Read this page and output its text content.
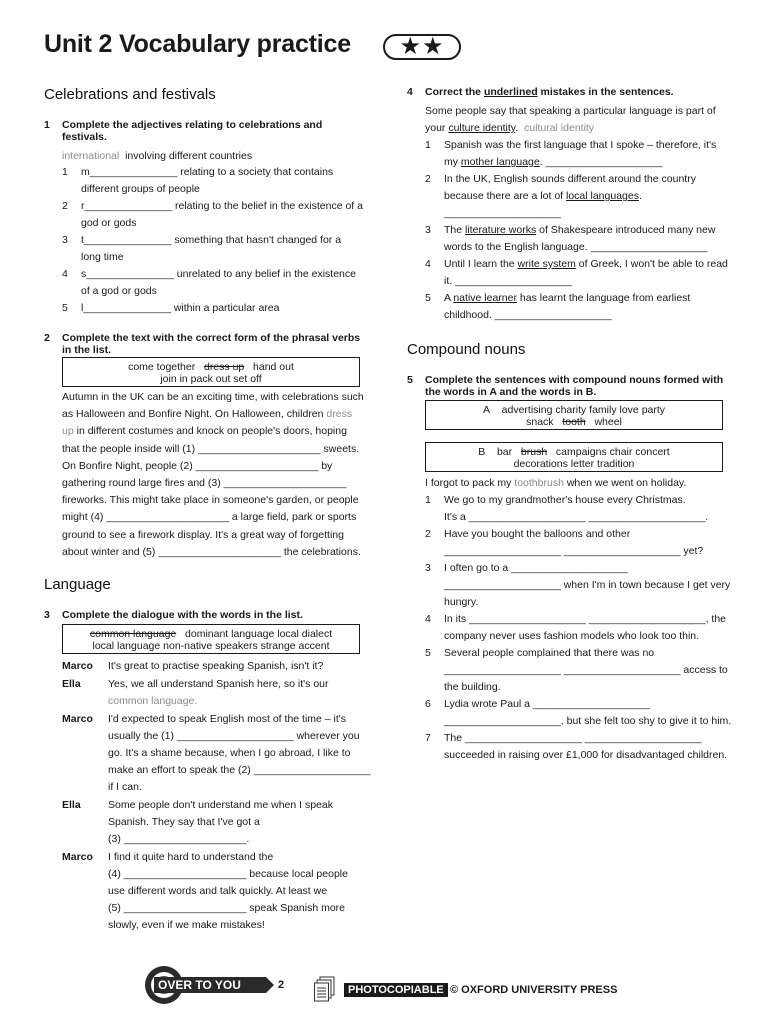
Unit 2 Vocabulary practice	★★
Celebrations and festivals
1 Complete the adjectives relating to celebrations and
festivals.
international involving different countries
1 m_______________ relating to a society that contains
different groups of people
2 r_______________ relating to the belief in the existence of a
god or gods
3 t_______________ something that hasn't changed for a
long time
4 s_______________ unrelated to any belief in the existence
of a god or gods
5 l_______________ within a particular area
2 Complete the text with the correct form of the phrasal verbs
in the list.
come together dress up hand out
join in pack out set off
Autumn in the UK can be an exciting time, with celebrations such
as Halloween and Bonfire Night. On Halloween, children dress
up in different costumes and knock on people's doors, hoping
that the people inside will (1) _____________________ sweets.
On Bonfire Night, people (2) _____________________ by
gathering round large fires and (3) _____________________
fireworks. This might take place in someone's garden, or people
might (4) _____________________ a large field, park or sports
ground to see a firework display. It's a great way of forgetting
about winter and (5) _____________________ the celebrations.
Language
3 Complete the dialogue with the words in the list.
common language dominant language local dialect
local language non-native speakers strange accent
Marco It's great to practise speaking Spanish, isn't it?
Ella	Yes, we all understand Spanish here, so it's our
common language.
Marco I'd expected to speak English most of the time – it's
usually the (1) ____________________ wherever you
go. It's a shame because, when I go abroad, I like to
make an effort to speak the (2) ____________________
if I can.
Ella	Some people don't understand me when I speak
Spanish. They say that I've got a
(3) _____________________.
Marco I find it quite hard to understand the
(4) _____________________ because local people
use different words and talk quickly. At least we
(5) _____________________ speak Spanish more
slowly, even if we make mistakes!
4 Correct the underlined mistakes in the sentences.
Some people say that speaking a particular language is part of
your culture identity. cultural identity
1 Spanish was the first language that I spoke – therefore, it's
my mother language. ____________________
2 In the UK, English sounds different around the country
because there are a lot of local languages.
____________________
3 The literature works of Shakespeare introduced many new
words to the English language. ____________________
4 Until I learn the write system of Greek, I won't be able to read
it. ____________________
5 A native learner has learnt the language from earliest
childhood. ____________________
Compound nouns
5 Complete the sentences with compound nouns formed with
the words in A and the words in B.
A advertising charity family love party
snack tooth wheel
B bar brush campaigns chair concert
decorations letter tradition
I forgot to pack my toothbrush when we went on holiday.
1 We go to my grandmother's house every Christmas.
It's a ____________________ ____________________.
2 Have you bought the balloons and other
____________________ ____________________ yet?
3 I often go to a ____________________
____________________ when I'm in town because I get very
hungry.
4 In its ____________________ ____________________, the
company never uses fashion models who look too thin.
5 Several people complained that there was no
____________________ ____________________ access to
the building.
6 Lydia wrote Paul a ____________________
____________________, but she felt too shy to give it to him.
7 The ____________________ ____________________
succeeded in raising over £1,000 for disadvantaged children.
OVER TO YOU	2	PHOTOCOPIABLE © OXFORD UNIVERSITY PRESS
